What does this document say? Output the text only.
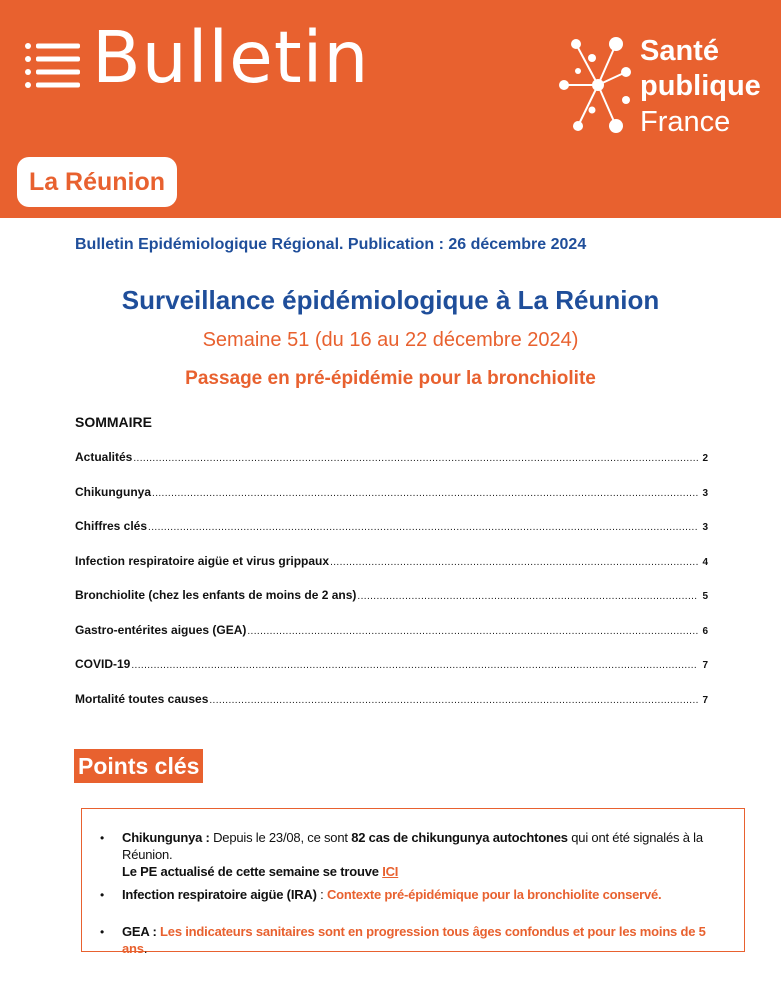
Bulletin	Santé
publique
France
La Réunion
Bulletin Epidémiologique Régional. Publication : 26 décembre 2024
Surveillance épidémiologique à La Réunion
Semaine 51 (du 16 au 22 décembre 2024)
Passage en pré-épidémie pour la bronchiolite
SOMMAIRE
Actualités .....	2
Chikungunya .....	3
Chiffres clés .....	3
Infection respiratoire aigüe et virus grippaux .....	4
Bronchiolite (chez les enfants de moins de 2 ans) .....	5
Gastro-entérites aigues (GEA) .....	6
COVID-19 .....	7
Mortalité toutes causes .....	7
Points clés
• Chikungunya : Depuis le 23/08, ce sont 82 cas de chikungunya autochtones qui ont été signalés à la Réunion.
Le PE actualisé de cette semaine se trouve ICI
• Infection respiratoire aigüe (IRA) : Contexte pré-épidémique pour la bronchiolite conservé.
• GEA : Les indicateurs sanitaires sont en progression tous âges confondus et pour les moins de 5 ans.
